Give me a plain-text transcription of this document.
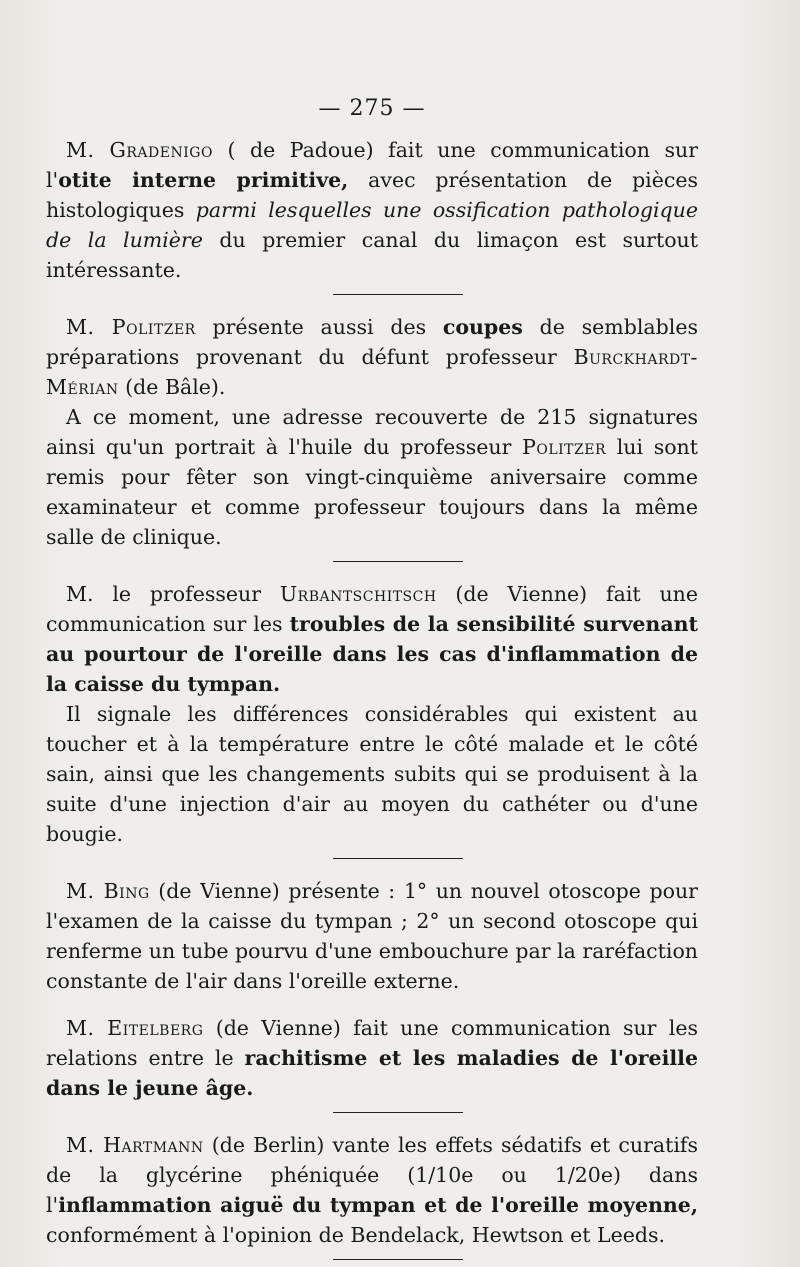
— 275 —

M. Gradenigo ( de Padoue) fait une communication sur l'otite interne primitive, avec présentation de pièces histologiques parmi lesquelles une ossification pathologique de la lumière du premier canal du limaçon est surtout intéressante.

M. Politzer présente aussi des coupes de semblables préparations provenant du défunt professeur Burckhardt-Mérian (de Bâle).

A ce moment, une adresse recouverte de 215 signatures ainsi qu'un portrait à l'huile du professeur Politzer lui sont remis pour fêter son vingt-cinquième aniversaire comme examinateur et comme professeur toujours dans la même salle de clinique.

M. le professeur Urbantschitsch (de Vienne) fait une communication sur les troubles de la sensibilité survenant au pourtour de l'oreille dans les cas d'inflammation de la caisse du tympan.

Il signale les différences considérables qui existent au toucher et à la température entre le côté malade et le côté sain, ainsi que les changements subits qui se produisent à la suite d'une injection d'air au moyen du cathéter ou d'une bougie.

M. Bing (de Vienne) présente : 1° un nouvel otoscope pour l'examen de la caisse du tympan ; 2° un second otoscope qui renferme un tube pourvu d'une embouchure par la raréfaction constante de l'air dans l'oreille externe.

M. Eitelberg (de Vienne) fait une communication sur les relations entre le rachitisme et les maladies de l'oreille dans le jeune âge.

M. Hartmann (de Berlin) vante les effets sédatifs et curatifs de la glycérine phéniquée (1/10e ou 1/20e) dans l'inflammation aiguë du tympan et de l'oreille moyenne, conformément à l'opinion de Bendelack, Hewtson et Leeds.
